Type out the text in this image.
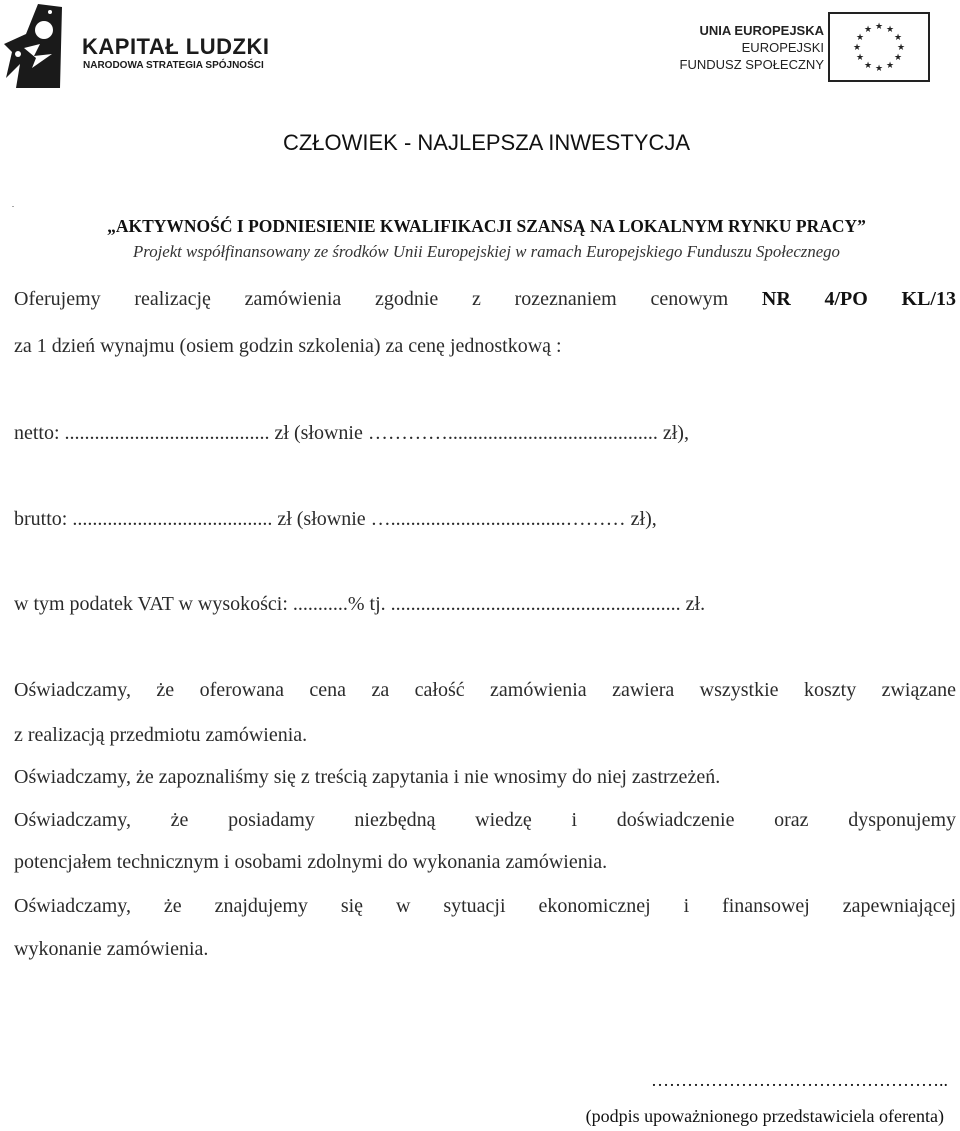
KAPITAŁ LUDZKI
NARODOWA STRATEGIA SPÓJNOŚCI
UNIA EUROPEJSKA
EUROPEJSKI
FUNDUSZ SPOŁECZNY
★ ★
★
★
★
★
★
★
★
★
★
★
CZŁOWIEK - NAJLEPSZA INWESTYCJA
.
„AKTYWNOŚĆ I PODNIESIENIE KWALIFIKACJI SZANSĄ NA LOKALNYM RYNKU PRACY”
Projekt współfinansowany ze środków Unii Europejskiej w ramach Europejskiego Funduszu Społecznego
Oferujemy realizację zamówienia zgodnie z rozeznaniem cenowym NR 4/PO KL/13
za 1 dzień wynajmu (osiem godzin szkolenia) za cenę jednostkową :
netto: ......................................... zł (słownie ………….......................................... zł),
brutto: ........................................ zł (słownie …...................................……… zł),
w tym podatek VAT w wysokości: ...........% tj. .......................................................... zł.
Oświadczamy, że oferowana cena za całość zamówienia zawiera wszystkie koszty związane
z realizacją przedmiotu zamówienia.
Oświadczamy, że zapoznaliśmy się z treścią zapytania i nie wnosimy do niej zastrzeżeń.
Oświadczamy, że posiadamy niezbędną wiedzę i doświadczenie oraz dysponujemy
potencjałem technicznym i osobami zdolnymi do wykonania zamówienia.
Oświadczamy, że znajdujemy się w sytuacji ekonomicznej i finansowej zapewniającej
wykonanie zamówienia.
…………………………………………..
(podpis upoważnionego przedstawiciela oferenta)
